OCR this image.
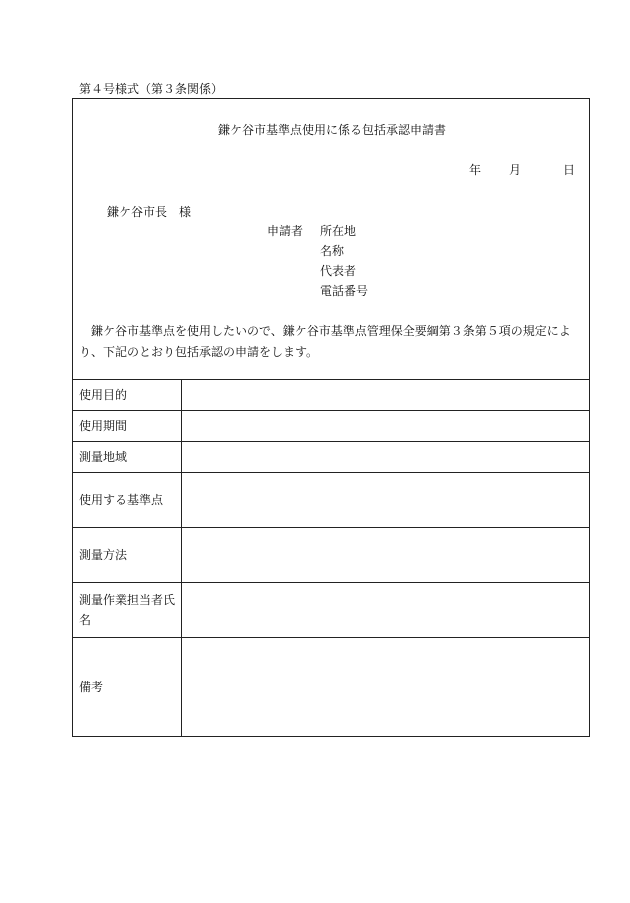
第４号様式（第３条関係）
鎌ケ谷市基準点使用に係る包括承認申請書
年 月	日
鎌ケ谷市長　様
申請者 所在地
名称
代表者
電話番号

鎌ケ谷市基準点を使用したいので、鎌ケ谷市基準点管理保全要綱第３条第５項の規定により、下記のとおり包括承認の申請をします。

使用目的	
使用期間	
測量地域	
使用する基準点	
測量方法	
測量作業担当者氏名	
備考	
